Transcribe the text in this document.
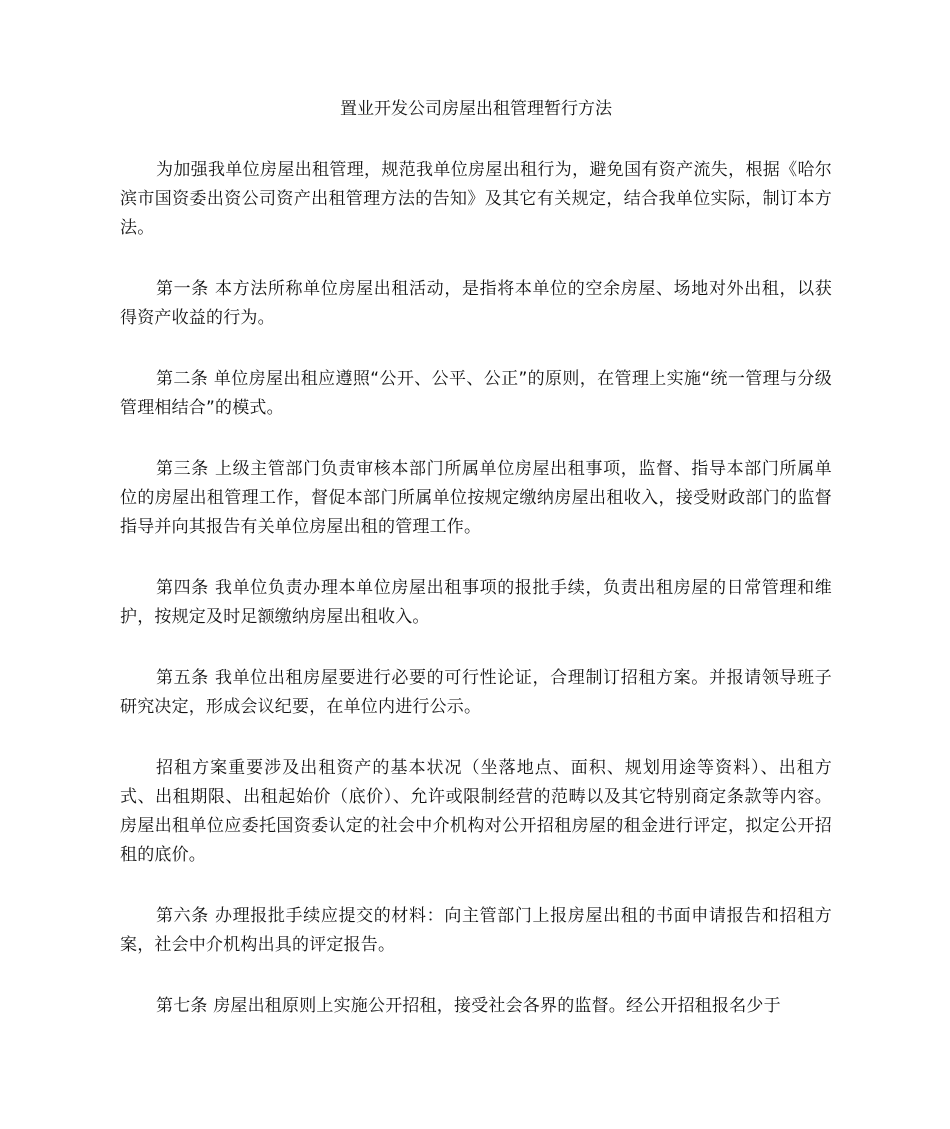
置业开发公司房屋出租管理暂行方法

为加强我单位房屋出租管理，规范我单位房屋出租行为，避免国有资产流失，根据《哈尔滨市国资委出资公司资产出租管理方法的告知》及其它有关规定，结合我单位实际，制订本方法。

第一条 本方法所称单位房屋出租活动，是指将本单位的空余房屋、场地对外出租，以获得资产收益的行为。

第二条 单位房屋出租应遵照“公开、公平、公正”的原则，在管理上实施“统一管理与分级管理相结合”的模式。

第三条 上级主管部门负责审核本部门所属单位房屋出租事项，监督、指导本部门所属单位的房屋出租管理工作，督促本部门所属单位按规定缴纳房屋出租收入，接受财政部门的监督指导并向其报告有关单位房屋出租的管理工作。

第四条 我单位负责办理本单位房屋出租事项的报批手续，负责出租房屋的日常管理和维护，按规定及时足额缴纳房屋出租收入。

第五条 我单位出租房屋要进行必要的可行性论证，合理制订招租方案。并报请领导班子研究决定，形成会议纪要，在单位内进行公示。

招租方案重要涉及出租资产的基本状况（坐落地点、面积、规划用途等资料）、出租方式、出租期限、出租起始价（底价）、允许或限制经营的范畴以及其它特别商定条款等内容。房屋出租单位应委托国资委认定的社会中介机构对公开招租房屋的租金进行评定，拟定公开招租的底价。

第六条 办理报批手续应提交的材料：向主管部门上报房屋出租的书面申请报告和招租方案，社会中介机构出具的评定报告。

第七条 房屋出租原则上实施公开招租，接受社会各界的监督。经公开招租报名少于
